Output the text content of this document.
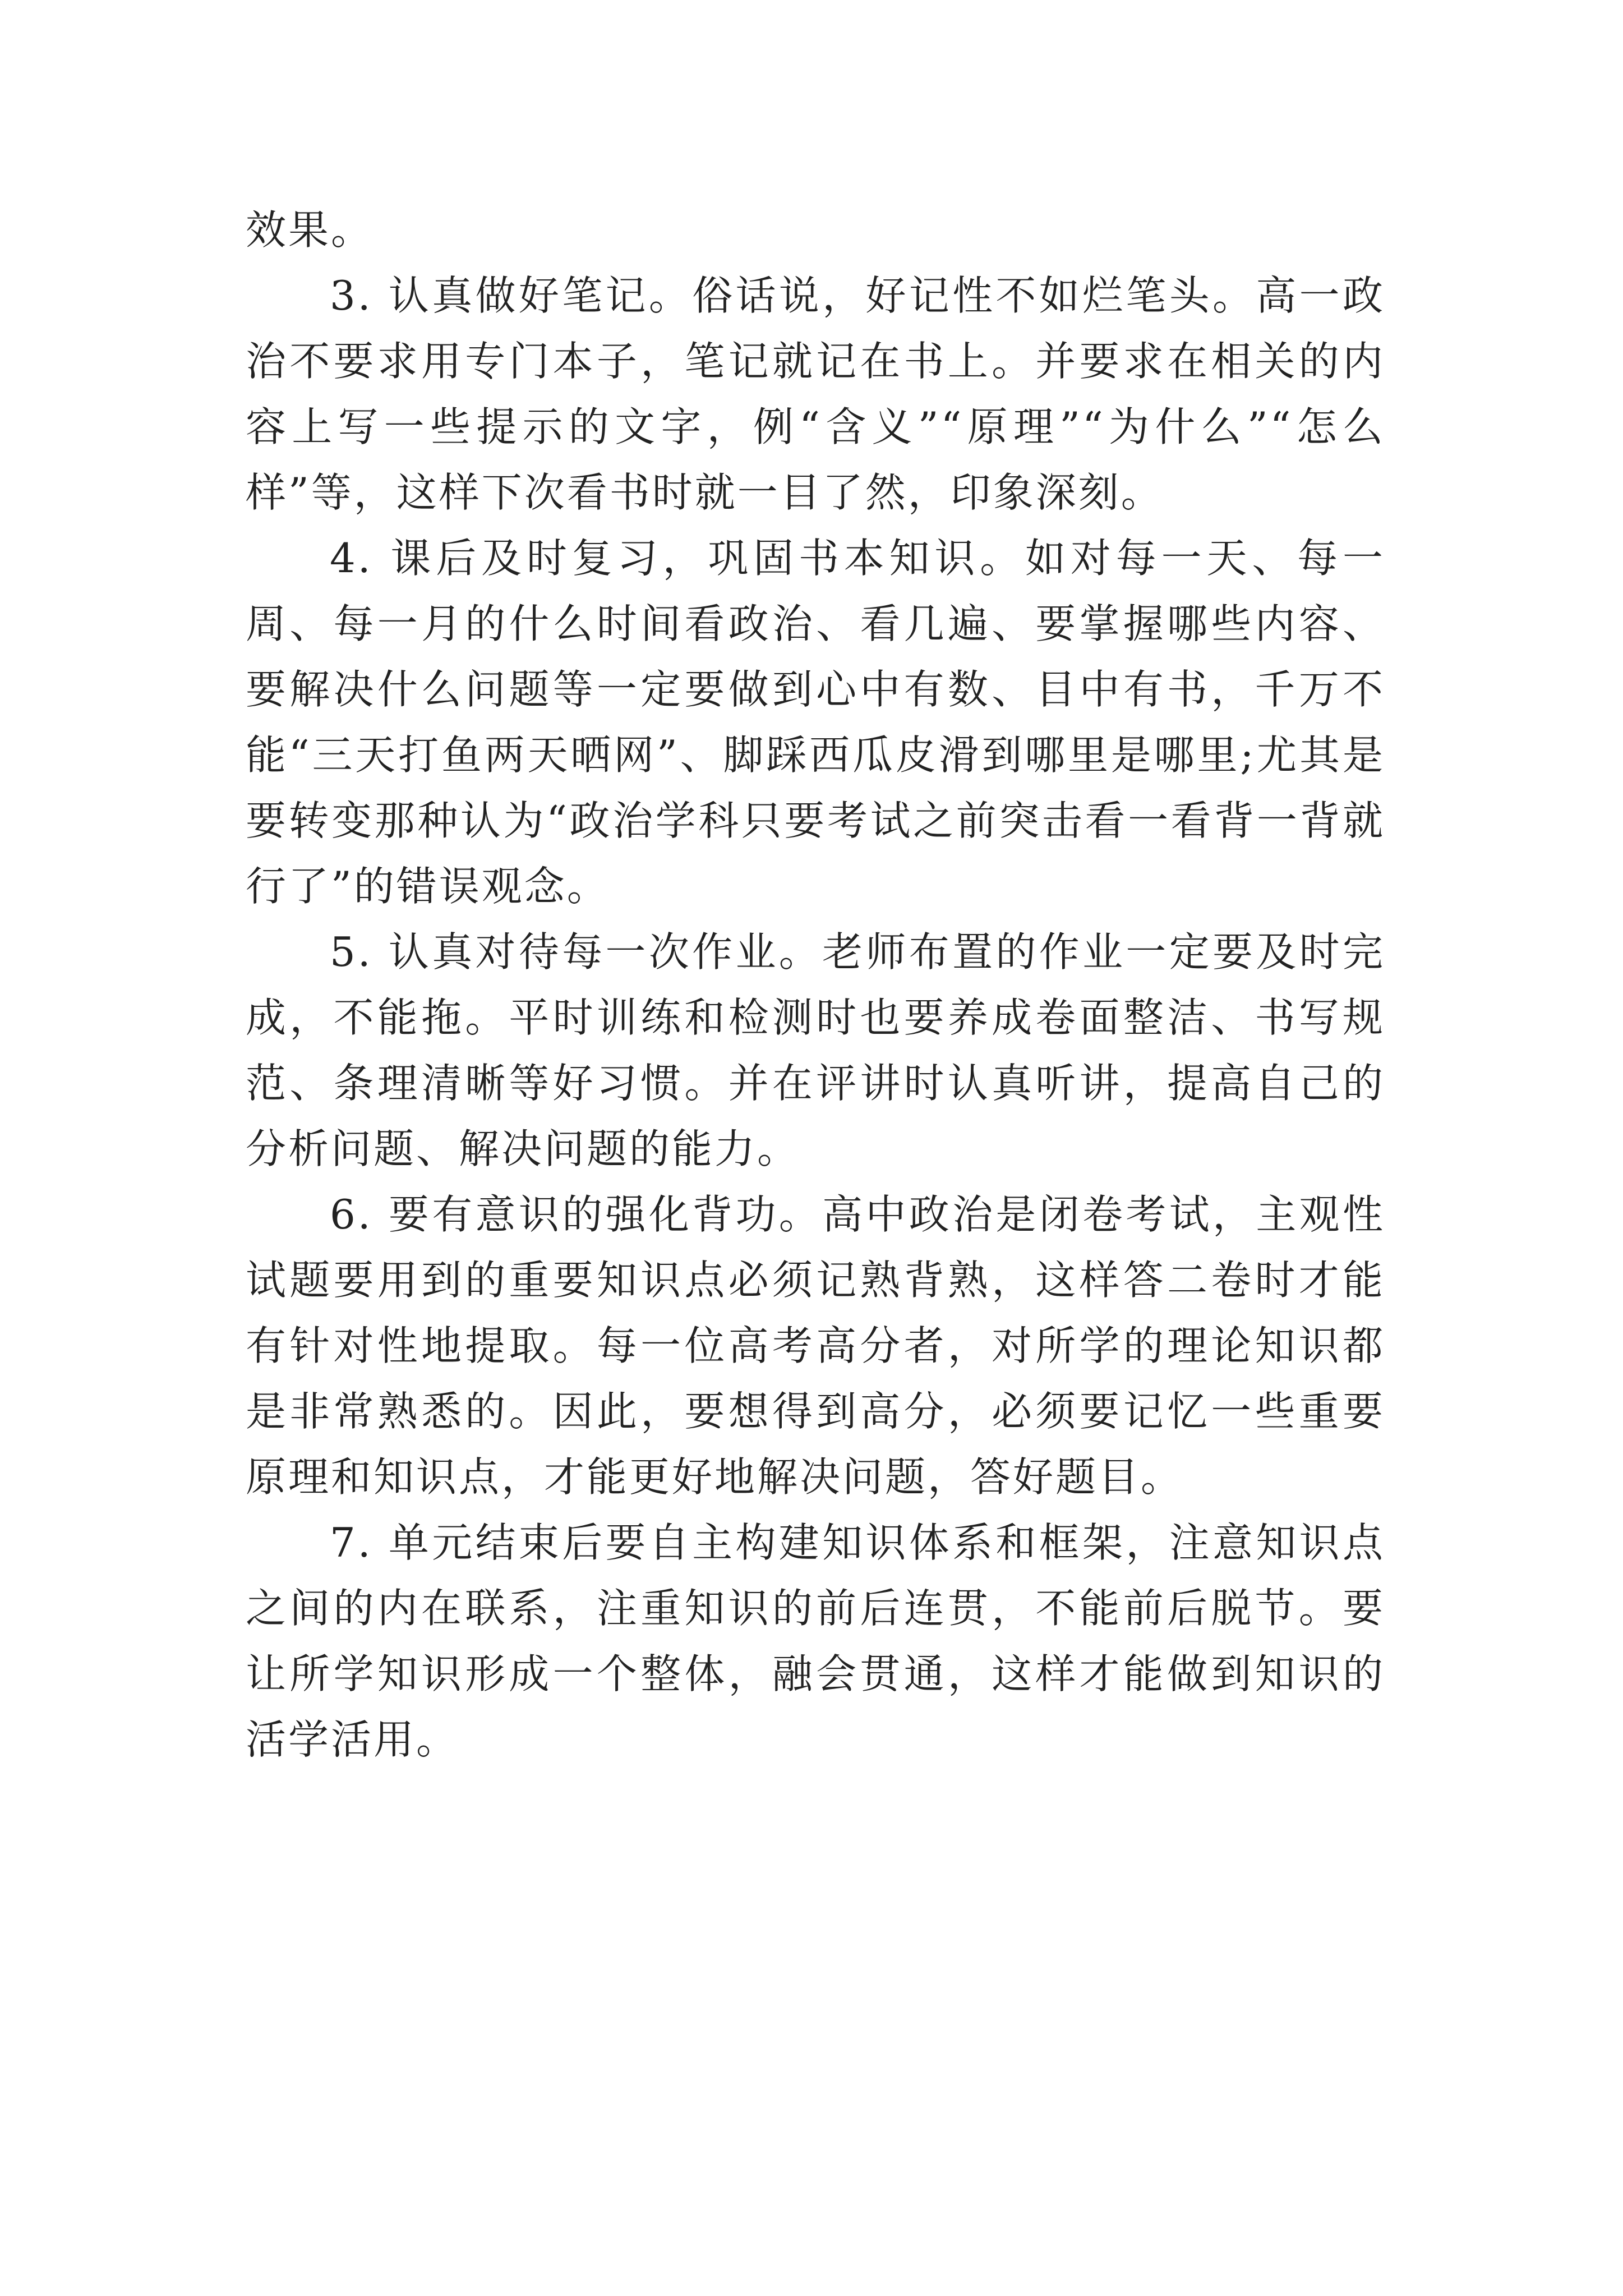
效果。

3. 认真做好笔记。俗话说，好记性不如烂笔头。高一政治不要求用专门本子，笔记就记在书上。并要求在相关的内容上写一些提示的文字，例“含义”“原理”“为什么”“怎么样”等，这样下次看书时就一目了然，印象深刻。

4. 课后及时复习，巩固书本知识。如对每一天、每一周、每一月的什么时间看政治、看几遍、要掌握哪些内容、要解决什么问题等一定要做到心中有数、目中有书，千万不能“三天打鱼两天晒网”、脚踩西瓜皮滑到哪里是哪里;尤其是要转变那种认为“政治学科只要考试之前突击看一看背一背就行了”的错误观念。

5. 认真对待每一次作业。老师布置的作业一定要及时完成，不能拖。平时训练和检测时也要养成卷面整洁、书写规范、条理清晰等好习惯。并在评讲时认真听讲，提高自己的分析问题、解决问题的能力。

6. 要有意识的强化背功。高中政治是闭卷考试，主观性试题要用到的重要知识点必须记熟背熟，这样答二卷时才能有针对性地提取。每一位高考高分者，对所学的理论知识都是非常熟悉的。因此，要想得到高分，必须要记忆一些重要原理和知识点，才能更好地解决问题，答好题目。

7. 单元结束后要自主构建知识体系和框架，注意知识点之间的内在联系，注重知识的前后连贯，不能前后脱节。要让所学知识形成一个整体，融会贯通，这样才能做到知识的活学活用。
